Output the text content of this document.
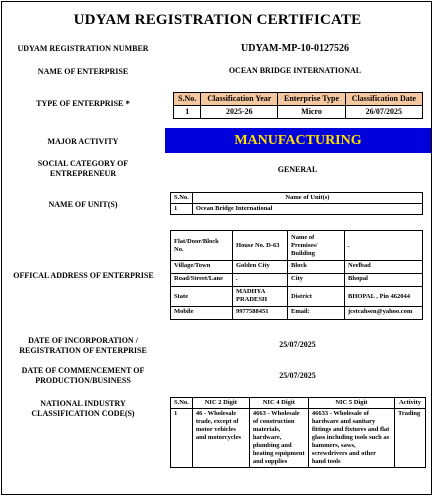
UDYAM REGISTRATION CERTIFICATE
UDYAM REGISTRATION NUMBER	UDYAM-MP-10-0127526
NAME OF ENTERPRISE	OCEAN BRIDGE INTERNATIONAL
TYPE OF ENTERPRISE *
S.No.	Classification Year	Enterprise Type	Classification Date
1	2025-26	Micro	26/07/2025
MAJOR ACTIVITY	MANUFACTURING
SOCIAL CATEGORY OF
ENTREPRENEUR	GENERAL
NAME OF UNIT(S)
S.No.	Name of Unit(s)
1	Ocean Bridge International
OFFICAL ADDRESS OF ENTERPRISE
Flat/Door/Block No.	House No. D-63	Name of Premises/ Building	.
Village/Town	Golden City	Block	Neelbad
Road/Street/Lane	.	City	Bhopal
State	MADHYA PRADESH	District	BHOPAL , Pin 462044
Mobile	9977588451	Email:	jcstcahsen@yahoo.com
DATE OF INCORPORATION /
REGISTRATION OF ENTERPRISE
25/07/2025
DATE OF COMMENCEMENT OF
PRODUCTION/BUSINESS
25/07/2025
NATIONAL INDUSTRY
CLASSIFICATION CODE(S)
S.No.	NIC 2 Digit	NIC 4 Digit	NIC 5 Digit	Activity
1	46 - Wholesale trade, except of motor vehicles and motorcycles	4663 - Wholesale of construction materials, hardware, plumbing and heating equipment and supplies	46633 - Wholesale of hardware and sanitary fittings and fixtures and flat glass including tools such as hammers, saws, screwdrivers and other hand tools	Trading
